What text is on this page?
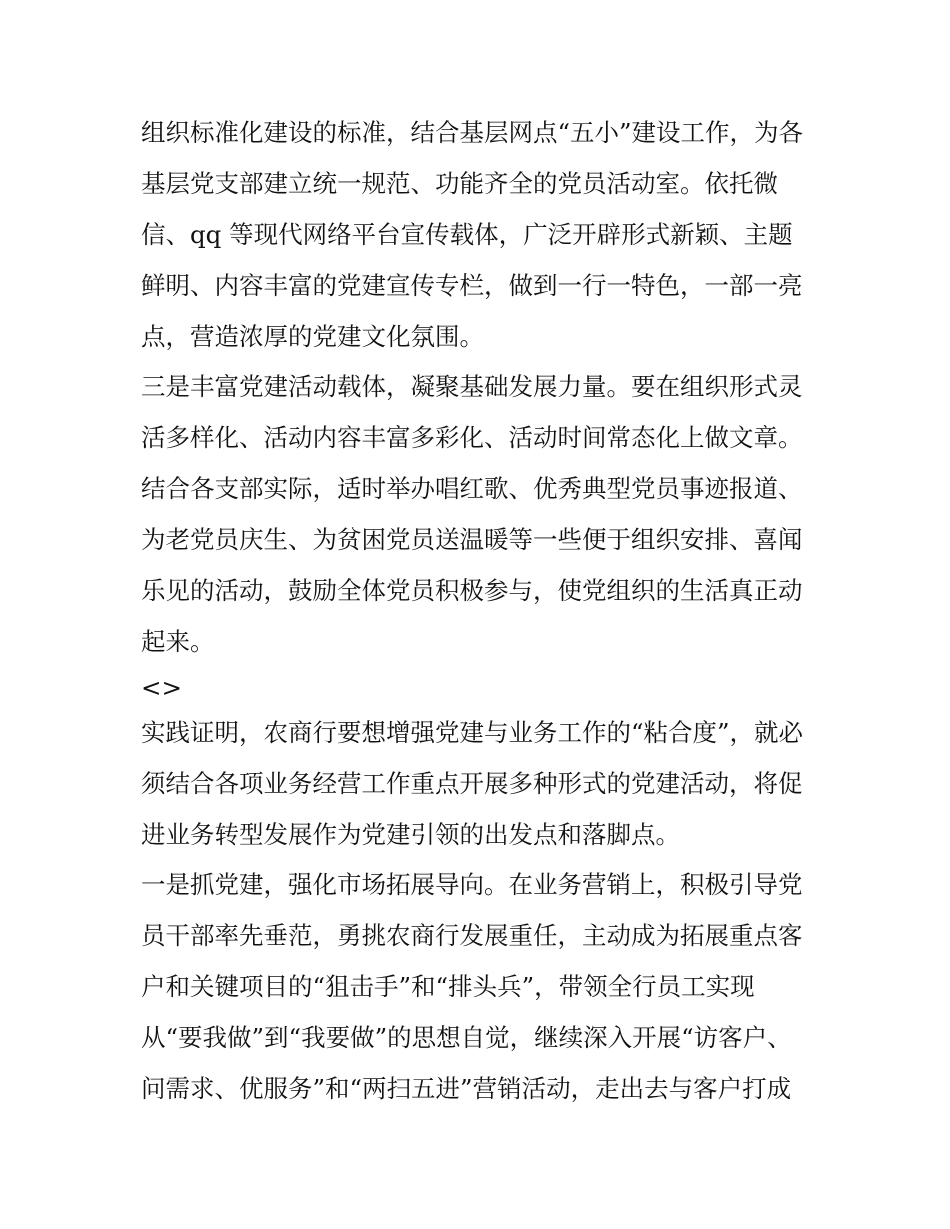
组织标准化建设的标准，结合基层网点“五小”建设工作，为各
基层党支部建立统一规范、功能齐全的党员活动室。依托微
信、qq 等现代网络平台宣传载体，广泛开辟形式新颖、主题
鲜明、内容丰富的党建宣传专栏，做到一行一特色，一部一亮
点，营造浓厚的党建文化氛围。
三是丰富党建活动载体，凝聚基础发展力量。要在组织形式灵
活多样化、活动内容丰富多彩化、活动时间常态化上做文章。
结合各支部实际，适时举办唱红歌、优秀典型党员事迹报道、
为老党员庆生、为贫困党员送温暖等一些便于组织安排、喜闻
乐见的活动，鼓励全体党员积极参与，使党组织的生活真正动
起来。
<>
实践证明，农商行要想增强党建与业务工作的“粘合度”，就必
须结合各项业务经营工作重点开展多种形式的党建活动，将促
进业务转型发展作为党建引领的出发点和落脚点。
一是抓党建，强化市场拓展导向。在业务营销上，积极引导党
员干部率先垂范，勇挑农商行发展重任，主动成为拓展重点客
户和关键项目的“狙击手”和“排头兵”，带领全行员工实现
从“要我做”到“我要做”的思想自觉，继续深入开展“访客户、
问需求、优服务”和“两扫五进”营销活动，走出去与客户打成
